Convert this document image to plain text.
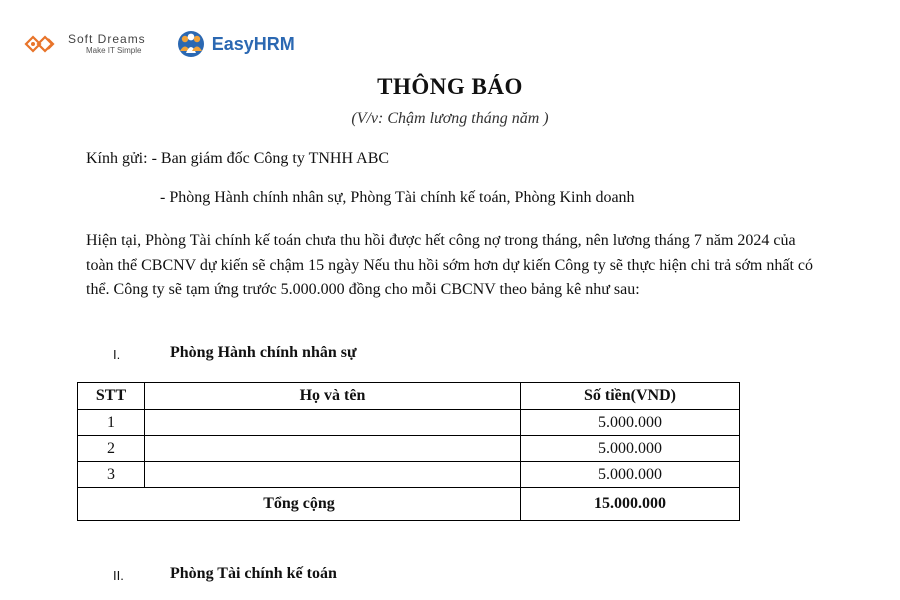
Soft Dreams
Make IT Simple	EasyHRM
THÔNG BÁO
(V/v: Chậm lương tháng năm )
Kính gửi: - Ban giám đốc Công ty TNHH ABC
- Phòng Hành chính nhân sự, Phòng Tài chính kế toán, Phòng Kinh doanh
Hiện tại, Phòng Tài chính kế toán chưa thu hồi được hết công nợ trong tháng, nên lương tháng 7 năm 2024 của toàn thể CBCNV dự kiến sẽ chậm 15 ngày Nếu thu hồi sớm hơn dự kiến Công ty sẽ thực hiện chi trả sớm nhất có thể. Công ty sẽ tạm ứng trước 5.000.000 đồng cho mỗi CBCNV theo bảng kê như sau:
I.	Phòng Hành chính nhân sự
STT	Họ và tên	Số tiền(VND)
1		5.000.000
2		5.000.000
3		5.000.000
Tổng cộng		15.000.000
II.	Phòng Tài chính kế toán
